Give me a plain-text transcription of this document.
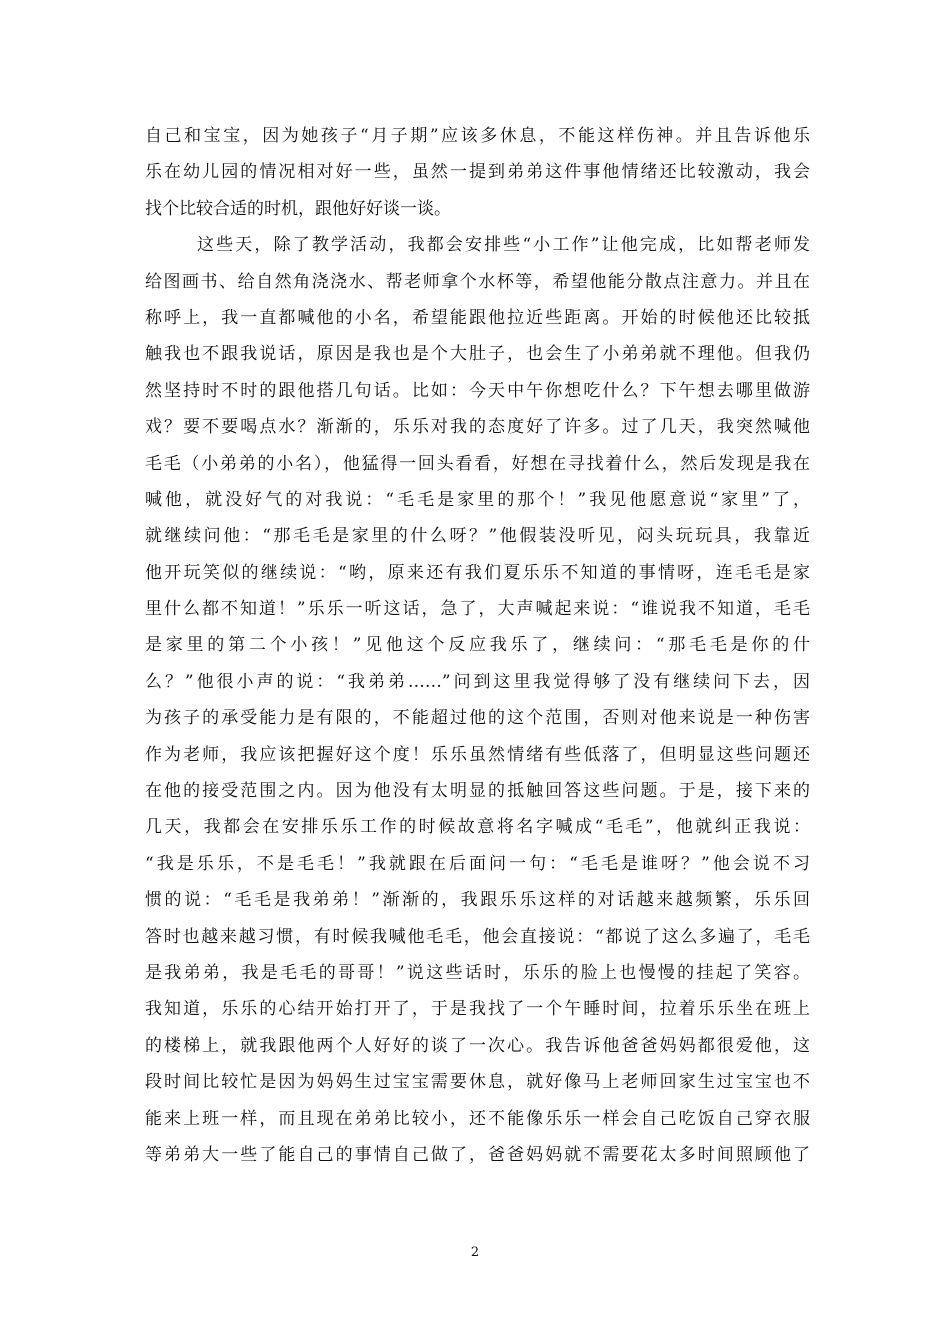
自己和宝宝，因为她孩子“月子期”应该多休息，不能这样伤神。并且告诉他乐
乐在幼儿园的情况相对好一些，虽然一提到弟弟这件事他情绪还比较激动，我会
找个比较合适的时机，跟他好好谈一谈。
这些天，除了教学活动，我都会安排些“小工作”让他完成，比如帮老师发
给图画书、给自然角浇浇水、帮老师拿个水杯等，希望他能分散点注意力。并且在
称呼上，我一直都喊他的小名，希望能跟他拉近些距离。开始的时候他还比较抵
触我也不跟我说话，原因是我也是个大肚子，也会生了小弟弟就不理他。但我仍
然坚持时不时的跟他搭几句话。比如：今天中午你想吃什么？下午想去哪里做游
戏？要不要喝点水？渐渐的，乐乐对我的态度好了许多。过了几天，我突然喊他
毛毛（小弟弟的小名），他猛得一回头看看，好想在寻找着什么，然后发现是我在
喊他，就没好气的对我说：“毛毛是家里的那个！”我见他愿意说“家里”了，
就继续问他：“那毛毛是家里的什么呀？”他假装没听见，闷头玩玩具，我靠近
他开玩笑似的继续说：“哟，原来还有我们夏乐乐不知道的事情呀，连毛毛是家
里什么都不知道！”乐乐一听这话，急了，大声喊起来说：“谁说我不知道，毛毛
是家里的第二个小孩！”见他这个反应我乐了，继续问：“那毛毛是你的什
么？”他很小声的说：“我弟弟……”问到这里我觉得够了没有继续问下去，因
为孩子的承受能力是有限的，不能超过他的这个范围，否则对他来说是一种伤害
作为老师，我应该把握好这个度！乐乐虽然情绪有些低落了，但明显这些问题还
在他的接受范围之内。因为他没有太明显的抵触回答这些问题。于是，接下来的
几天，我都会在安排乐乐工作的时候故意将名字喊成“毛毛”，他就纠正我说：
“我是乐乐，不是毛毛！”我就跟在后面问一句：“毛毛是谁呀？”他会说不习
惯的说：“毛毛是我弟弟！”渐渐的，我跟乐乐这样的对话越来越频繁，乐乐回
答时也越来越习惯，有时候我喊他毛毛，他会直接说：“都说了这么多遍了，毛毛
是我弟弟，我是毛毛的哥哥！”说这些话时，乐乐的脸上也慢慢的挂起了笑容。
我知道，乐乐的心结开始打开了，于是我找了一个午睡时间，拉着乐乐坐在班上
的楼梯上，就我跟他两个人好好的谈了一次心。我告诉他爸爸妈妈都很爱他，这
段时间比较忙是因为妈妈生过宝宝需要休息，就好像马上老师回家生过宝宝也不
能来上班一样，而且现在弟弟比较小，还不能像乐乐一样会自己吃饭自己穿衣服
等弟弟大一些了能自己的事情自己做了，爸爸妈妈就不需要花太多时间照顾他了
2
